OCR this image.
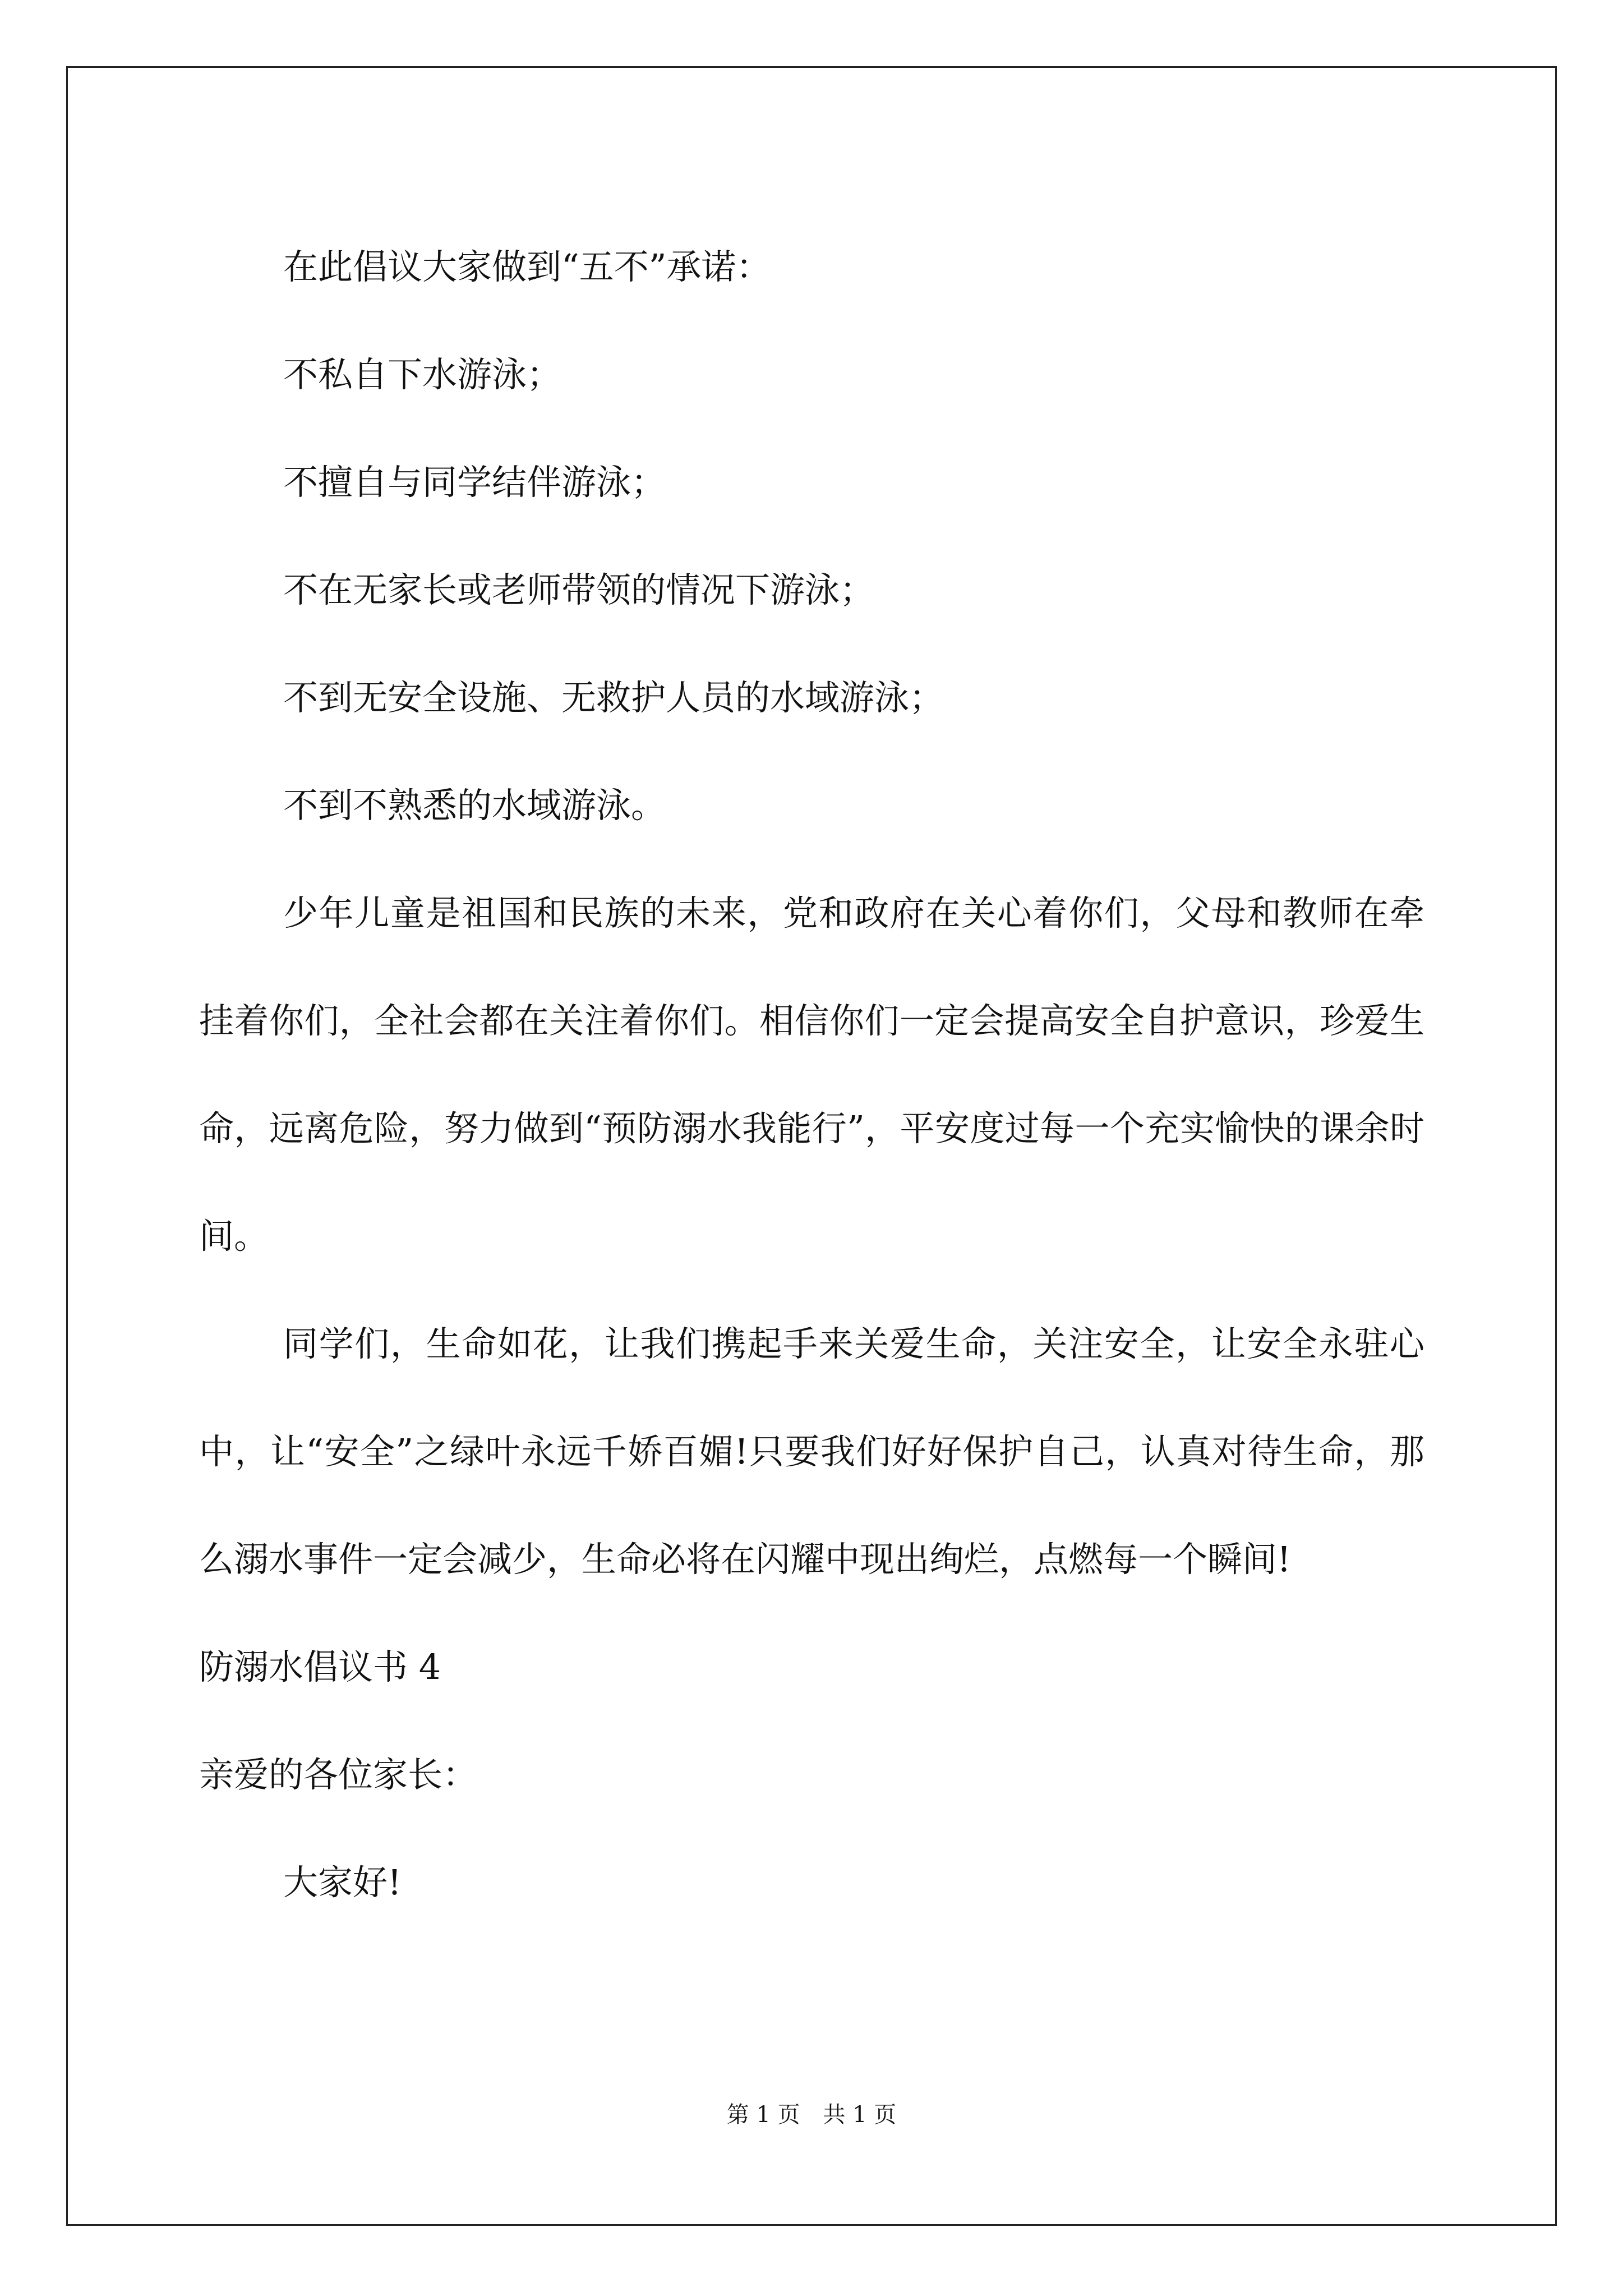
在此倡议大家做到“五不”承诺：

不私自下水游泳；

不擅自与同学结伴游泳；

不在无家长或老师带领的情况下游泳；

不到无安全设施、无救护人员的水域游泳；

不到不熟悉的水域游泳。

少年儿童是祖国和民族的未来，党和政府在关心着你们，父母和教师在牵挂着你们，全社会都在关注着你们。相信你们一定会提高安全自护意识，珍爱生命，远离危险，努力做到“预防溺水我能行”，平安度过每一个充实愉快的课余时间。

同学们，生命如花，让我们携起手来关爱生命，关注安全，让安全永驻心中，让“安全”之绿叶永远千娇百媚!只要我们好好保护自己，认真对待生命，那么溺水事件一定会减少，生命必将在闪耀中现出绚烂，点燃每一个瞬间!

防溺水倡议书 4

亲爱的各位家长：

大家好!

第 1 页 共 1 页
